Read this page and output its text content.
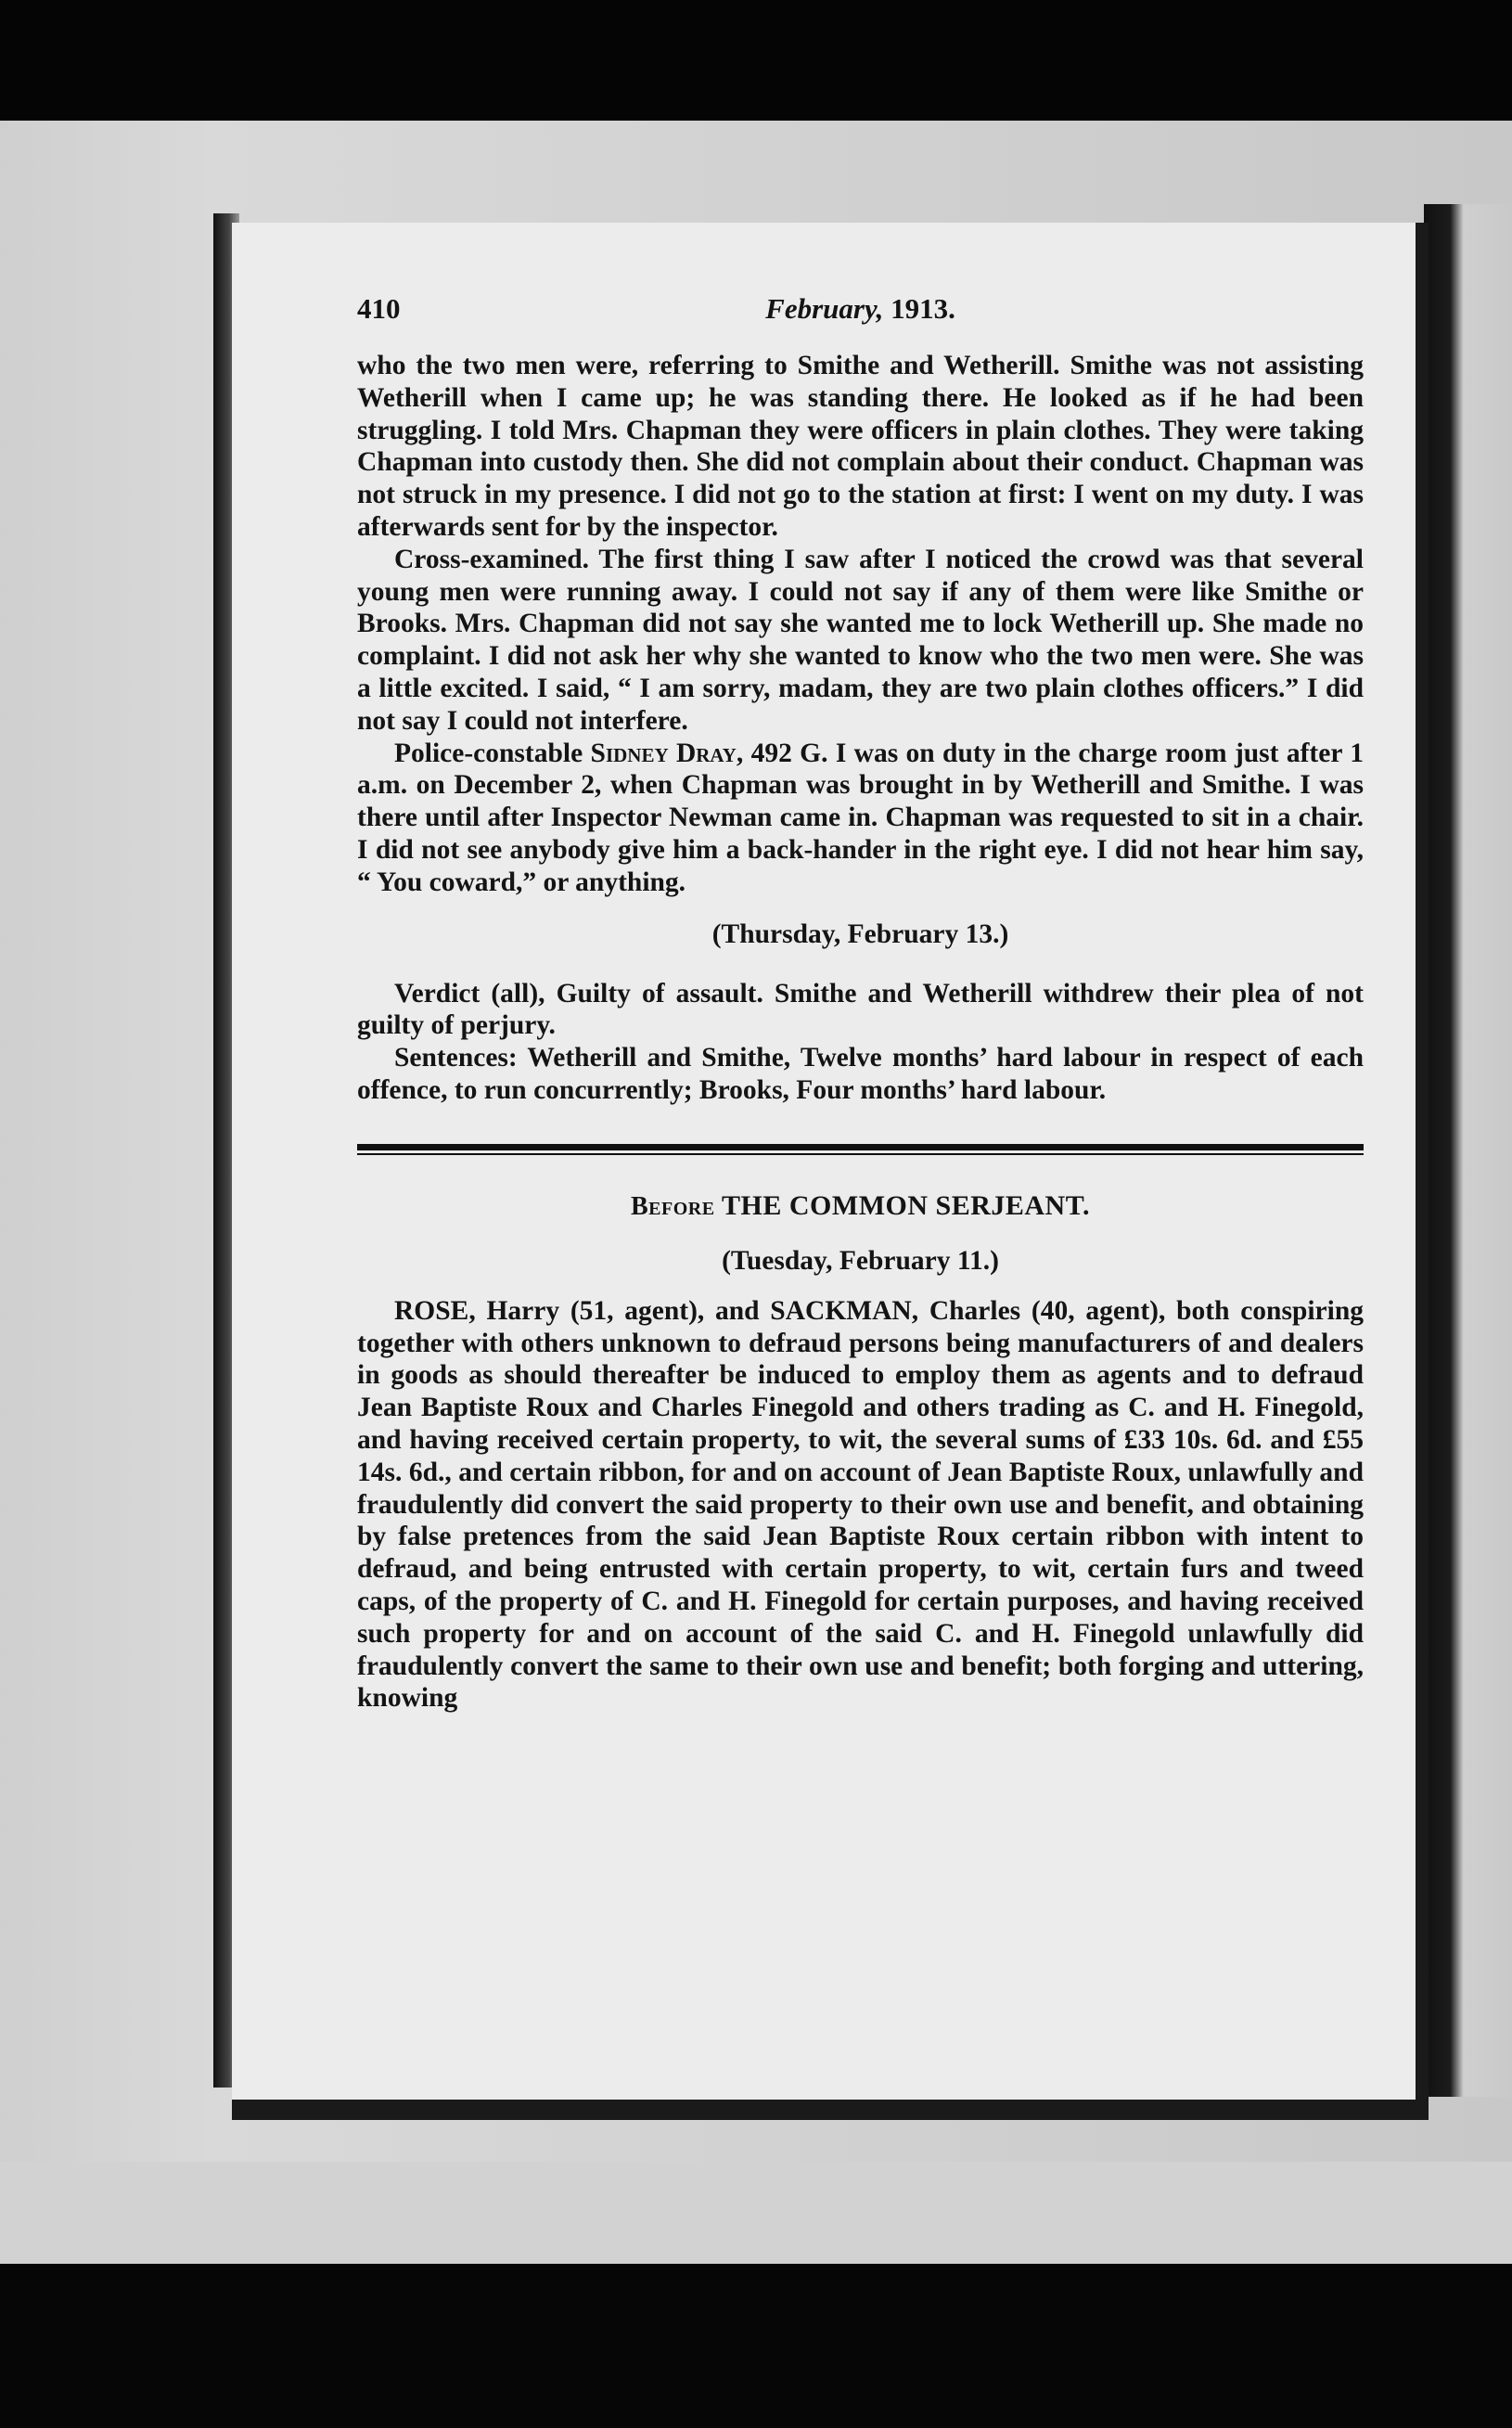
410	February, 1913.

who the two men were, referring to Smithe and Wetherill. Smithe was not assisting Wetherill when I came up; he was standing there. He looked as if he had been struggling. I told Mrs. Chapman they were officers in plain clothes. They were taking Chapman into custody then. She did not complain about their conduct. Chapman was not struck in my presence. I did not go to the station at first: I went on my duty. I was afterwards sent for by the inspector.

Cross-examined. The first thing I saw after I noticed the crowd was that several young men were running away. I could not say if any of them were like Smithe or Brooks. Mrs. Chapman did not say she wanted me to lock Wetherill up. She made no complaint. I did not ask her why she wanted to know who the two men were. She was a little excited. I said, “ I am sorry, madam, they are two plain clothes officers.” I did not say I could not interfere.

Police-constable Sidney Dray, 492 G. I was on duty in the charge room just after 1 a.m. on December 2, when Chapman was brought in by Wetherill and Smithe. I was there until after Inspector Newman came in. Chapman was requested to sit in a chair. I did not see anybody give him a back-hander in the right eye. I did not hear him say, “ You coward,” or anything.

(Thursday, February 13.)

Verdict (all), Guilty of assault. Smithe and Wetherill withdrew their plea of not guilty of perjury.

Sentences: Wetherill and Smithe, Twelve months’ hard labour in respect of each offence, to run concurrently; Brooks, Four months’ hard labour.

Before THE COMMON SERJEANT.
(Tuesday, February 11.)

ROSE, Harry (51, agent), and SACKMAN, Charles (40, agent), both conspiring together with others unknown to defraud persons being manufacturers of and dealers in goods as should thereafter be induced to employ them as agents and to defraud Jean Baptiste Roux and Charles Finegold and others trading as C. and H. Finegold, and having received certain property, to wit, the several sums of £33 10s. 6d. and £55 14s. 6d., and certain ribbon, for and on account of Jean Baptiste Roux, unlawfully and fraudulently did convert the said property to their own use and benefit, and obtaining by false pretences from the said Jean Baptiste Roux certain ribbon with intent to defraud, and being entrusted with certain property, to wit, certain furs and tweed caps, of the property of C. and H. Finegold for certain purposes, and having received such property for and on account of the said C. and H. Finegold unlawfully did fraudulently convert the same to their own use and benefit; both forging and uttering, knowing
